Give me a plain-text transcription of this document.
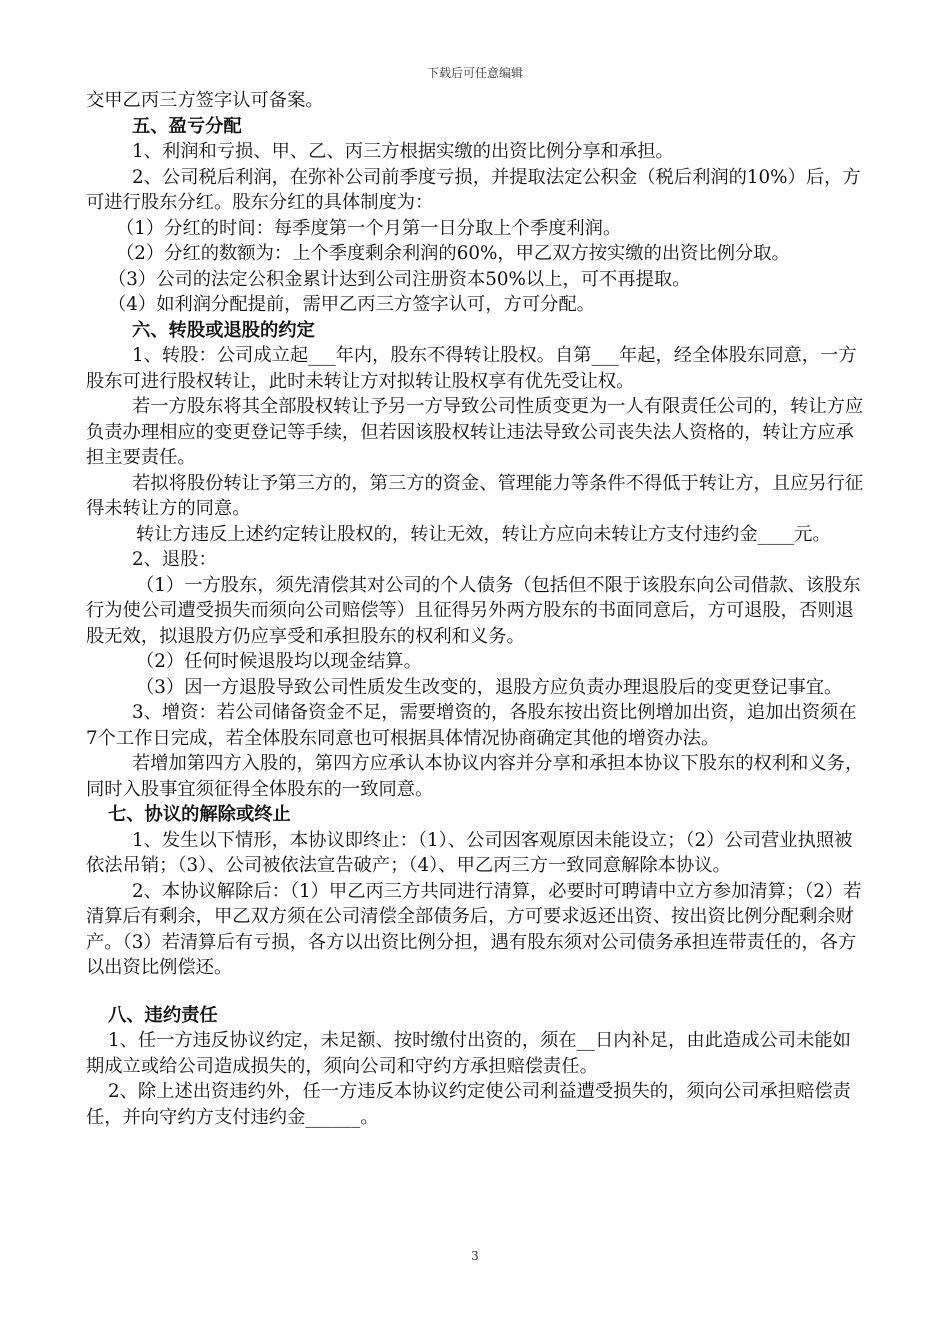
下载后可任意编辑

交甲乙丙三方签字认可备案。

五、盈亏分配

1、利润和亏损、甲、乙、丙三方根据实缴的出资比例分享和承担。

2、公司税后利润，在弥补公司前季度亏损，并提取法定公积金（税后利润的10%）后，方可进行股东分红。股东分红的具体制度为：

（1）分红的时间：每季度第一个月第一日分取上个季度利润。

（2）分红的数额为：上个季度剩余利润的60%，甲乙双方按实缴的出资比例分取。

（3）公司的法定公积金累计达到公司注册资本50%以上，可不再提取。

（4）如利润分配提前，需甲乙丙三方签字认可，方可分配。

六、转股或退股的约定

1、转股：公司成立起___年内，股东不得转让股权。自第___年起，经全体股东同意，一方股东可进行股权转让，此时未转让方对拟转让股权享有优先受让权。

若一方股东将其全部股权转让予另一方导致公司性质变更为一人有限责任公司的，转让方应负责办理相应的变更登记等手续，但若因该股权转让违法导致公司丧失法人资格的，转让方应承担主要责任。

若拟将股份转让予第三方的，第三方的资金、管理能力等条件不得低于转让方，且应另行征得未转让方的同意。

转让方违反上述约定转让股权的，转让无效，转让方应向未转让方支付违约金____元。

2、退股：

（1）一方股东，须先清偿其对公司的个人债务（包括但不限于该股东向公司借款、该股东行为使公司遭受损失而须向公司赔偿等）且征得另外两方股东的书面同意后，方可退股，否则退股无效，拟退股方仍应享受和承担股东的权利和义务。

（2）任何时候退股均以现金结算。

（3）因一方退股导致公司性质发生改变的，退股方应负责办理退股后的变更登记事宜。

3、增资：若公司储备资金不足，需要增资的，各股东按出资比例增加出资，追加出资须在7个工作日完成，若全体股东同意也可根据具体情况协商确定其他的增资办法。

若增加第四方入股的，第四方应承认本协议内容并分享和承担本协议下股东的权利和义务，同时入股事宜须征得全体股东的一致同意。

七、协议的解除或终止

1、发生以下情形，本协议即终止：（1）、公司因客观原因未能设立；（2）公司营业执照被依法吊销；（3）、公司被依法宣告破产；（4）、甲乙丙三方一致同意解除本协议。

2、本协议解除后：（1）甲乙丙三方共同进行清算，必要时可聘请中立方参加清算；（2）若清算后有剩余，甲乙双方须在公司清偿全部债务后，方可要求返还出资、按出资比例分配剩余财产。（3）若清算后有亏损，各方以出资比例分担，遇有股东须对公司债务承担连带责任的，各方以出资比例偿还。

八、违约责任

1、任一方违反协议约定，未足额、按时缴付出资的，须在__日内补足，由此造成公司未能如期成立或给公司造成损失的，须向公司和守约方承担赔偿责任。

2、除上述出资违约外，任一方违反本协议约定使公司利益遭受损失的，须向公司承担赔偿责任，并向守约方支付违约金______。

3
